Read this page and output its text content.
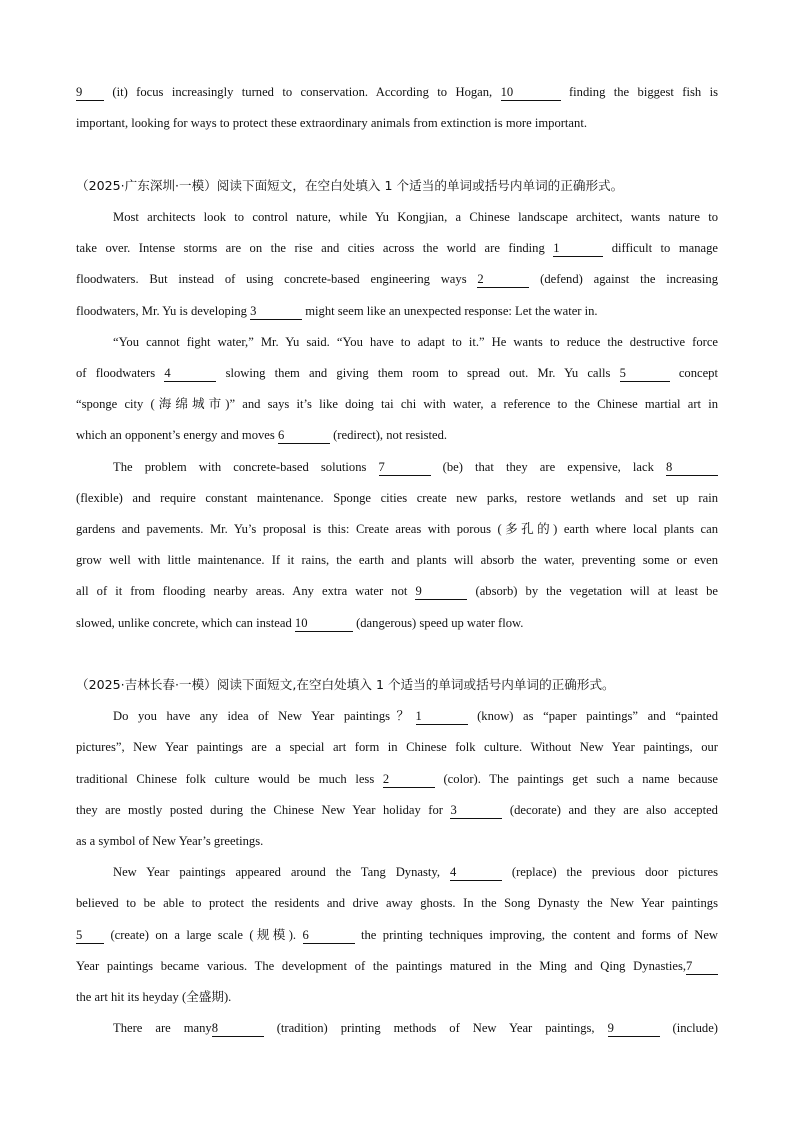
9 (it) focus increasingly turned to conservation. According to Hogan, 10	finding the biggest fish is
important, looking for ways to protect these extraordinary animals from extinction is more important.
（2025·广东深圳·一模）阅读下面短文，在空白处填入 1 个适当的单词或括号内单词的正确形式。
Most architects look to control nature, while Yu Kongjian, a Chinese landscape architect, wants nature to
take over. Intense storms are on the rise and cities across the world are finding 1	difficult to manage
floodwaters. But instead of using concrete-based engineering ways 2	(defend) against the increasing
floodwaters, Mr. Yu is developing 3	might seem like an unexpected response: Let the water in.
“You cannot fight water,” Mr. Yu said. “You have to adapt to it.” He wants to reduce the destructive force
of floodwaters 4	slowing them and giving them room to spread out. Mr. Yu calls 5	concept
“sponge city (海绵城市)” and says it’s like doing tai chi with water, a reference to the Chinese martial art in
which an opponent’s energy and moves 6	(redirect), not resisted.
The problem with concrete-based solutions 7	(be) that they are expensive, lack 8
(flexible) and require constant maintenance. Sponge cities create new parks, restore wetlands and set up rain
gardens and pavements. Mr. Yu’s proposal is this: Create areas with porous (多孔的) earth where local plants can
grow well with little maintenance. If it rains, the earth and plants will absorb the water, preventing some or even
all of it from flooding nearby areas. Any extra water not 9	(absorb) by the vegetation will at least be
slowed, unlike concrete, which can instead 10	(dangerous) speed up water flow.
（2025·吉林长春·一模）阅读下面短文,在空白处填入 1 个适当的单词或括号内单词的正确形式。
Do you have any idea of New Year paintings？1	(know) as “paper paintings” and “painted
pictures”, New Year paintings are a special art form in Chinese folk culture. Without New Year paintings, our
traditional Chinese folk culture would be much less 2	(color). The paintings get such a name because
they are mostly posted during the Chinese New Year holiday for 3	(decorate) and they are also accepted
as a symbol of New Year’s greetings.
New Year paintings appeared around the Tang Dynasty, 4	(replace) the previous door pictures
believed to be able to protect the residents and drive away ghosts. In the Song Dynasty the New Year paintings
5 (create) on a large scale (规模). 6	the printing techniques improving, the content and forms of New
Year paintings became various. The development of the paintings matured in the Ming and Qing Dynasties,7
the art hit its heyday (全盛期).
There are many8	(tradition) printing methods of New Year paintings, 9	(include)
